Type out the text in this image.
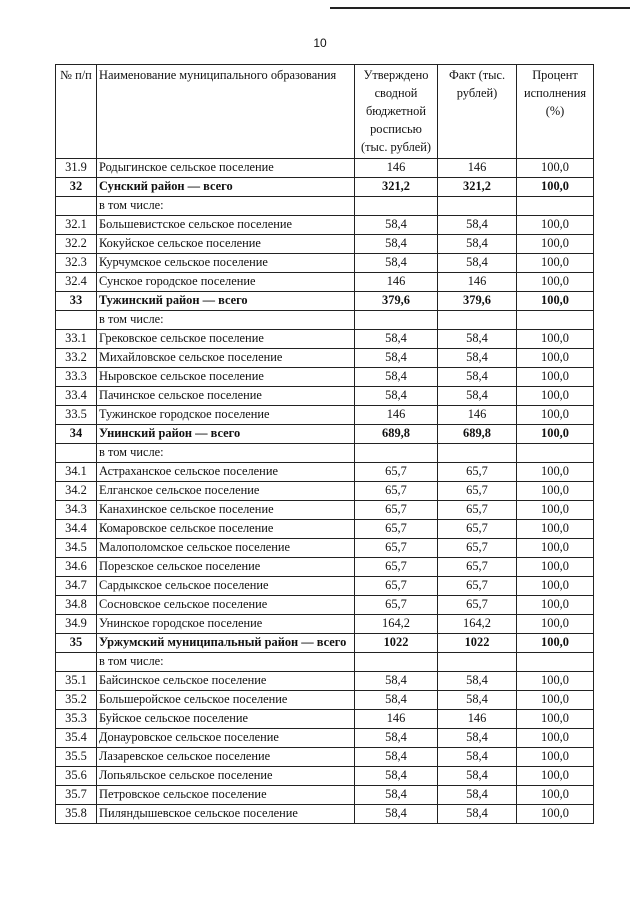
10
№ п/п	Наименование муниципального образования	Утверждено сводной бюджетной росписью (тыс. рублей)	Факт (тыс. рублей)	Процент исполнения (%)
31.9	Родыгинское сельское поселение	146	146	100,0
32	Сунский район — всего	321,2	321,2	100,0
	в том числе:			
32.1	Большевистское сельское поселение	58,4	58,4	100,0
32.2	Кокуйское сельское поселение	58,4	58,4	100,0
32.3	Курчумское сельское поселение	58,4	58,4	100,0
32.4	Сунское городское поселение	146	146	100,0
33	Тужинский район — всего	379,6	379,6	100,0
	в том числе:			
33.1	Грековское сельское поселение	58,4	58,4	100,0
33.2	Михайловское сельское поселение	58,4	58,4	100,0
33.3	Ныровское сельское поселение	58,4	58,4	100,0
33.4	Пачинское сельское поселение	58,4	58,4	100,0
33.5	Тужинское городское поселение	146	146	100,0
34	Унинский район — всего	689,8	689,8	100,0
	в том числе:			
34.1	Астраханское сельское поселение	65,7	65,7	100,0
34.2	Елганское сельское поселение	65,7	65,7	100,0
34.3	Канахинское сельское поселение	65,7	65,7	100,0
34.4	Комаровское сельское поселение	65,7	65,7	100,0
34.5	Малополомское сельское поселение	65,7	65,7	100,0
34.6	Порезское сельское поселение	65,7	65,7	100,0
34.7	Сардыкское сельское поселение	65,7	65,7	100,0
34.8	Сосновское сельское поселение	65,7	65,7	100,0
34.9	Унинское городское поселение	164,2	164,2	100,0
35	Уржумский муниципальный район — всего	1022	1022	100,0
	в том числе:			
35.1	Байсинское сельское поселение	58,4	58,4	100,0
35.2	Большеройское сельское поселение	58,4	58,4	100,0
35.3	Буйское сельское поселение	146	146	100,0
35.4	Донауровское сельское поселение	58,4	58,4	100,0
35.5	Лазаревское сельское поселение	58,4	58,4	100,0
35.6	Лопьяльское сельское поселение	58,4	58,4	100,0
35.7	Петровское сельское поселение	58,4	58,4	100,0
35.8	Пиляндышевское сельское поселение	58,4	58,4	100,0
